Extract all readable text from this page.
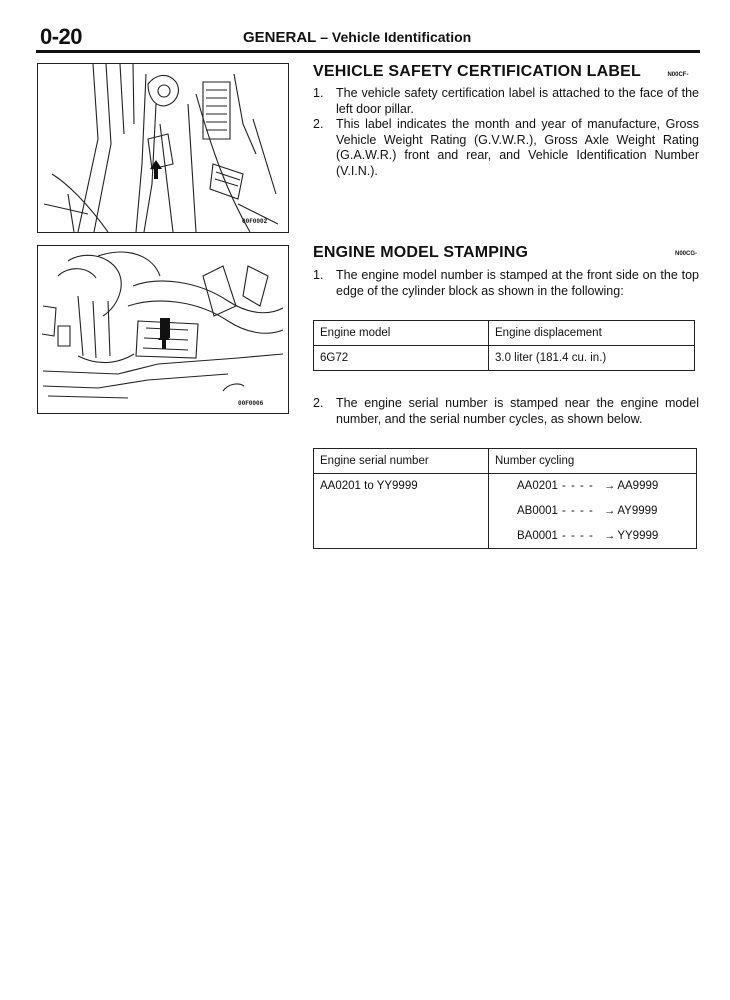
0-20	GENERAL – Vehicle Identification
00F0002
00F0006
VEHICLE SAFETY CERTIFICATION LABEL	N00CF-
1. The vehicle safety certification label is attached to the face of the left door pillar.
2. This label indicates the month and year of manufacture, Gross Vehicle Weight Rating (G.V.W.R.), Gross Axle Weight Rating (G.A.W.R.) front and rear, and Vehicle Identification Number (V.I.N.).
ENGINE MODEL STAMPING	N00CG-
1. The engine model number is stamped at the front side on the top edge of the cylinder block as shown in the following:
Engine model	Engine displacement
6G72	3.0 liter (181.4 cu. in.)
2. The engine serial number is stamped near the engine model number, and the serial number cycles, as shown below.
Engine serial number	Number cycling
AA0201 to YY9999		AA0201 - - - - → AA9999
AB0001 - - - - → AY9999
BA0001 - - - - → YY9999
